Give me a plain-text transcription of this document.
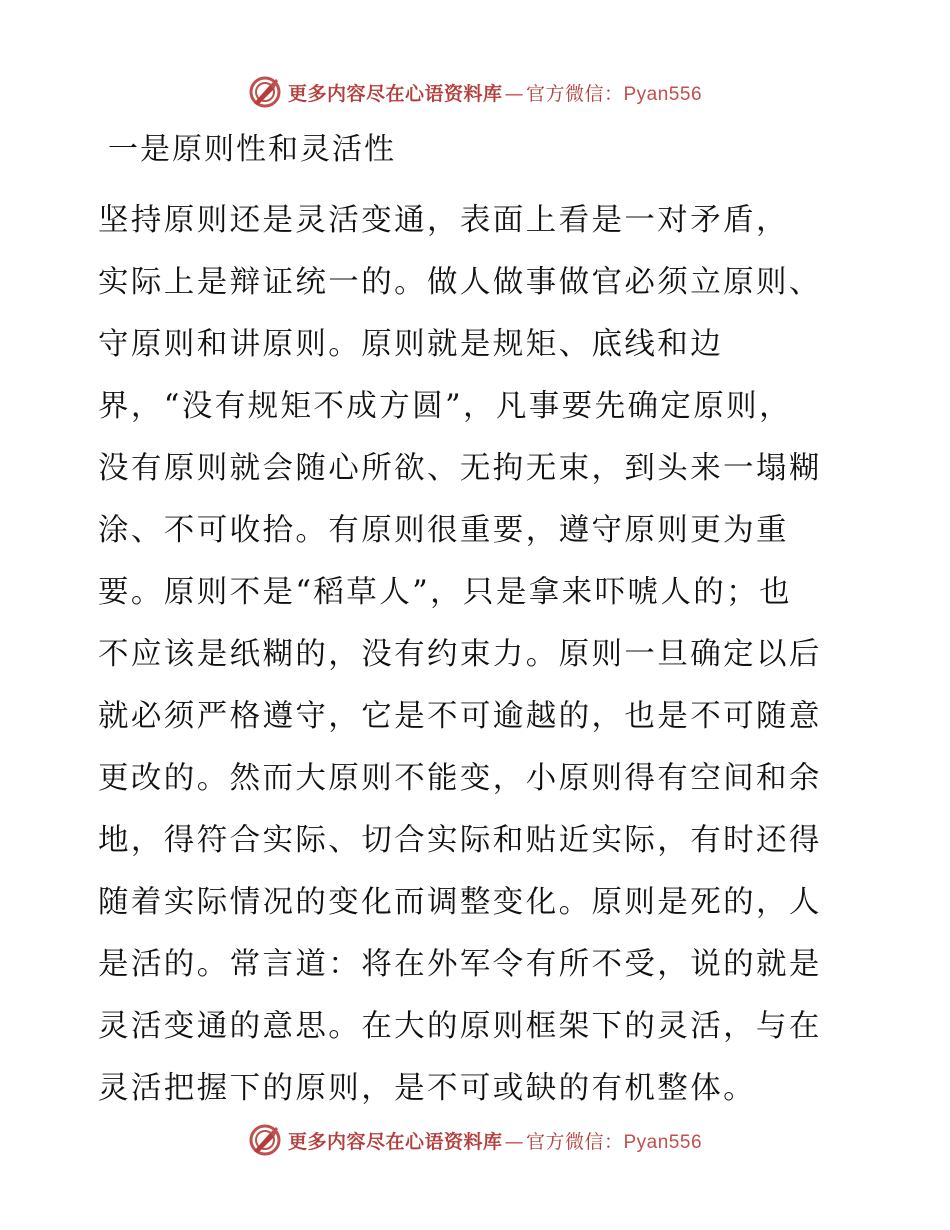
更多内容尽在心语资料库 — 官方微信：Pyan556
一是原则性和灵活性
坚持原则还是灵活变通，表面上看是一对矛盾，
实际上是辩证统一的。做人做事做官必须立原则、
守原则和讲原则。原则就是规矩、底线和边
界，“没有规矩不成方圆”，凡事要先确定原则，
没有原则就会随心所欲、无拘无束，到头来一塌糊
涂、不可收拾。有原则很重要，遵守原则更为重
要。原则不是“稻草人”，只是拿来吓唬人的；也
不应该是纸糊的，没有约束力。原则一旦确定以后
就必须严格遵守，它是不可逾越的，也是不可随意
更改的。然而大原则不能变，小原则得有空间和余
地，得符合实际、切合实际和贴近实际，有时还得
随着实际情况的变化而调整变化。原则是死的，人
是活的。常言道：将在外军令有所不受，说的就是
灵活变通的意思。在大的原则框架下的灵活，与在
灵活把握下的原则，是不可或缺的有机整体。
更多内容尽在心语资料库 — 官方微信：Pyan556
